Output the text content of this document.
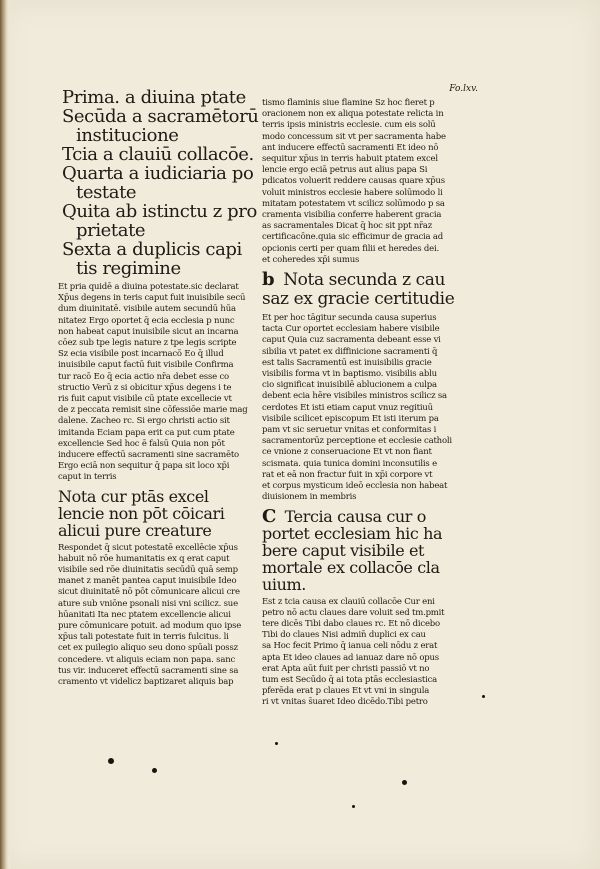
Fo.lxv.
Prima. a diuina ptate
Secūda a sacramētorū
institucione
Tcia a clauiū collacōe.
Quarta a iudiciaria po
testate
Quita ab istinctu z pro
prietate
Sexta a duplicis capi
tis regimine
Et pria quidē a diuina potestate.sic declarat
Xp̄us degens in teris caput fuit inuisibile secū
dum diuinitatē. visibile autem secundū hūa
nitatez Ergo oportet q̄ ecia ecclesia p nunc
non habeat caput inuisibile sicut an incarna
cōez sub tpe legis nature z tpe legis scripte
Sz ecia visibile post incarnacō Eo q̄ illud
inuisibile caput factū fuit visibile Confirma
tur racō Eo q̄ ecia actio nr̄a debet esse co
structio Verū z si obicitur xp̄us degens i te
ris fuit caput visibile cū ptate excellecie vt
de z peccata remisit sine cōfessiōe marie mag
dalene. Zacheo rc. Si ergo christi actio sit
imitanda Eciam papa erit ca put cum ptate
excellencie Sed hoc ē falsū Quia non pōt
inducere effectū sacramenti sine sacramēto
Ergo eciā non sequitur q̄ papa sit loco xp̄i
caput in terris
Nota cur ptās excel
lencie non pōt cōicari
alicui pure creature
Respondet q̄ sicut potestatē excellēcie xp̄us
habuit nō rōe humanitatis ex q erat caput
visibile sed rōe diuinitatis secūdū quā semp
manet z manēt pantea caput inuisibile Ideo
sicut diuinitatē nō pōt cōmunicare alicui cre
ature sub vniōne psonali nisi vni scilicz. sue
hūanitati Ita nec ptatem excellencie alicui
pure cōmunicare potuit. ad modum quo ipse
xp̄us tali potestate fuit in terris fulcitus. li
cet ex puilegio aliquo seu dono spūali possz
concedere. vt aliquis eciam non papa. sanc
tus vir. induceret effectū sacramenti sine sa
cramento vt videlicz baptizaret aliquis bap
tismo flaminis siue flamine Sz hoc fieret p
oracionem non ex aliqua potestate relicta in
terris ipsis ministris ecclesie. cum eis solū
modo concessum sit vt per sacramenta habe
ant inducere effectū sacramenti Et ideo nō
sequitur xp̄us in terris habuit ptatem excel
lencie ergo eciā petrus aut alius papa Si
pdicatos voluerit reddere causas quare xp̄us
voluit ministros ecclesie habere solūmodo li
mitatam potestatem vt scilicz solūmodo p sa
cramenta visibilia conferre haberent gracia
as sacramentales Dicat q̄ hoc sit ppt nr̄az
certificacōne.quia sic efficimur de gracia ad
opcionis certi per quam filii et heredes dei.
et coheredes xp̄i sumus
b Nota secunda z cau
saz ex gracie certitudie
Et per hoc tāgitur secunda causa superius
tacta Cur oportet ecclesiam habere visibile
caput Quia cuz sacramenta debeant esse vi
sibilia vt patet ex diffinicione sacramenti q̄
est talis Sacramentū est inuisibilis gracie
visibilis forma vt in baptismo. visibilis ablu
cio significat inuisibilē ablucionem a culpa
debent ecia hēre visibiles ministros scilicz sa
cerdotes Et isti etiam caput vnuz regitiuū
visibile scilicet episcopum Et isti iterum pa
pam vt sic seruetur vnitas et conformitas i
sacramentorūz perceptione et ecclesie catholi
ce vnione z conseruacione Et vt non fiant
scismata. quia tunica domini inconsutilis e
rat et eā non fractur fuit in xp̄i corpore vt
et corpus mysticum ideō ecclesia non habeat
diuisionem in membris
C Tercia causa cur o
portet ecclesiam hic ha
bere caput visibile et
mortale ex collacōe cla
uium.
Est z tcia causa ex clauiū collacōe Cur eni
petro nō actu claues dare voluit sed tm.pmit
tere dicēs Tibi dabo claues rc. Et nō dicebo
Tibi do claues Nisi admin̄ duplici ex cau
sa Hoc fecit Primo q̄ ianua celi nōdu z erat
apta Et ideo claues ad ianuaz dare nō opus
erat Apta aūt fuit per christi passiō vt no
tum est Secūdo q̄ ai tota ptās ecclesiastica
pferēda erat p claues Et vt vni in singula
ri vt vnitas s̄uaret Ideo dicēdo.Tibi petro
